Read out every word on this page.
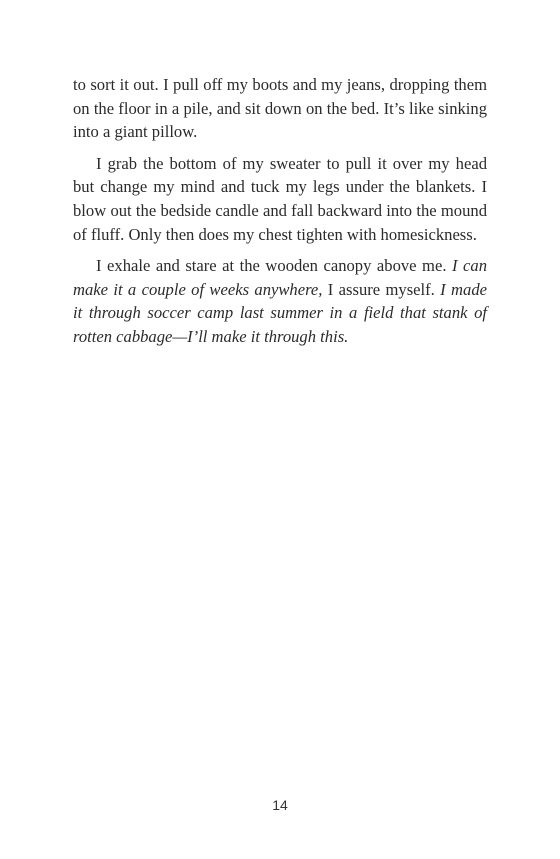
to sort it out. I pull off my boots and my jeans, dropping them on the floor in a pile, and sit down on the bed. It’s like sinking into a giant pillow.

I grab the bottom of my sweater to pull it over my head but change my mind and tuck my legs under the blankets. I blow out the bedside candle and fall backward into the mound of fluff. Only then does my chest tighten with homesickness.

I exhale and stare at the wooden canopy above me. I can make it a couple of weeks anywhere, I assure myself. I made it through soccer camp last summer in a field that stank of rotten cabbage—I’ll make it through this.

14
